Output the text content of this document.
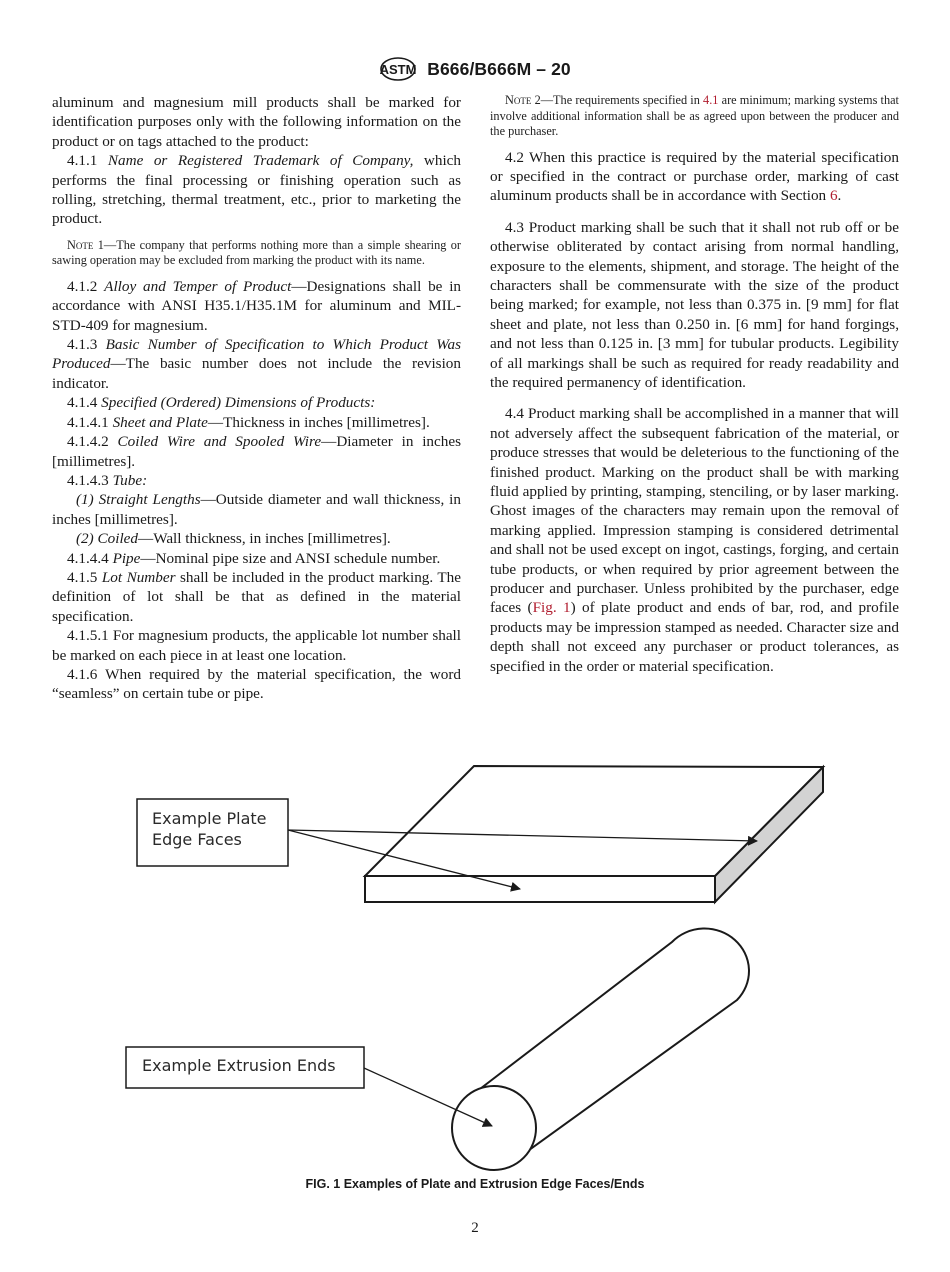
ASTM B666/B666M – 20

aluminum and magnesium mill products shall be marked for identification purposes only with the following information on the product or on tags attached to the product:

4.1.1 Name or Registered Trademark of Company, which performs the final processing or finishing operation such as rolling, stretching, thermal treatment, etc., prior to marketing the product.

Note 1—The company that performs nothing more than a simple shearing or sawing operation may be excluded from marking the product with its name.

4.1.2 Alloy and Temper of Product—Designations shall be in accordance with ANSI H35.1/H35.1M for aluminum and MIL-STD-409 for magnesium.

4.1.3 Basic Number of Specification to Which Product Was Produced—The basic number does not include the revision indicator.

4.1.4 Specified (Ordered) Dimensions of Products:

4.1.4.1 Sheet and Plate—Thickness in inches [millimetres].

4.1.4.2 Coiled Wire and Spooled Wire—Diameter in inches [millimetres].

4.1.4.3 Tube:

(1) Straight Lengths—Outside diameter and wall thickness, in inches [millimetres].

(2) Coiled—Wall thickness, in inches [millimetres].

4.1.4.4 Pipe—Nominal pipe size and ANSI schedule number.

4.1.5 Lot Number shall be included in the product marking. The definition of lot shall be that as defined in the material specification.

4.1.5.1 For magnesium products, the applicable lot number shall be marked on each piece in at least one location.

4.1.6 When required by the material specification, the word “seamless” on certain tube or pipe.

Note 2—The requirements specified in 4.1 are minimum; marking systems that involve additional information shall be as agreed upon between the producer and the purchaser.

4.2 When this practice is required by the material specification or specified in the contract or purchase order, marking of cast aluminum products shall be in accordance with Section 6.

4.3 Product marking shall be such that it shall not rub off or be otherwise obliterated by contact arising from normal handling, exposure to the elements, shipment, and storage. The height of the characters shall be commensurate with the size of the product being marked; for example, not less than 0.375 in. [9 mm] for flat sheet and plate, not less than 0.250 in. [6 mm] for hand forgings, and not less than 0.125 in. [3 mm] for tubular products. Legibility of all markings shall be such as required for ready readability and the required permanency of identification.

4.4 Product marking shall be accomplished in a manner that will not adversely affect the subsequent fabrication of the material, or produce stresses that would be deleterious to the functioning of the finished product. Marking on the product shall be with marking fluid applied by printing, stamping, stenciling, or by laser marking. Ghost images of the characters may remain upon the removal of marking applied. Impression stamping is considered detrimental and shall not be used except on ingot, castings, forging, and certain tube products, or when required by prior agreement between the producer and purchaser. Unless prohibited by the purchaser, edge faces (Fig. 1) of plate product and ends of bar, rod, and profile products may be impression stamped as needed. Character size and depth shall not exceed any purchaser or product tolerances, as specified in the order or material specification.

Example Plate
Edge Faces
Example Extrusion Ends
FIG. 1 Examples of Plate and Extrusion Edge Faces/Ends
2
